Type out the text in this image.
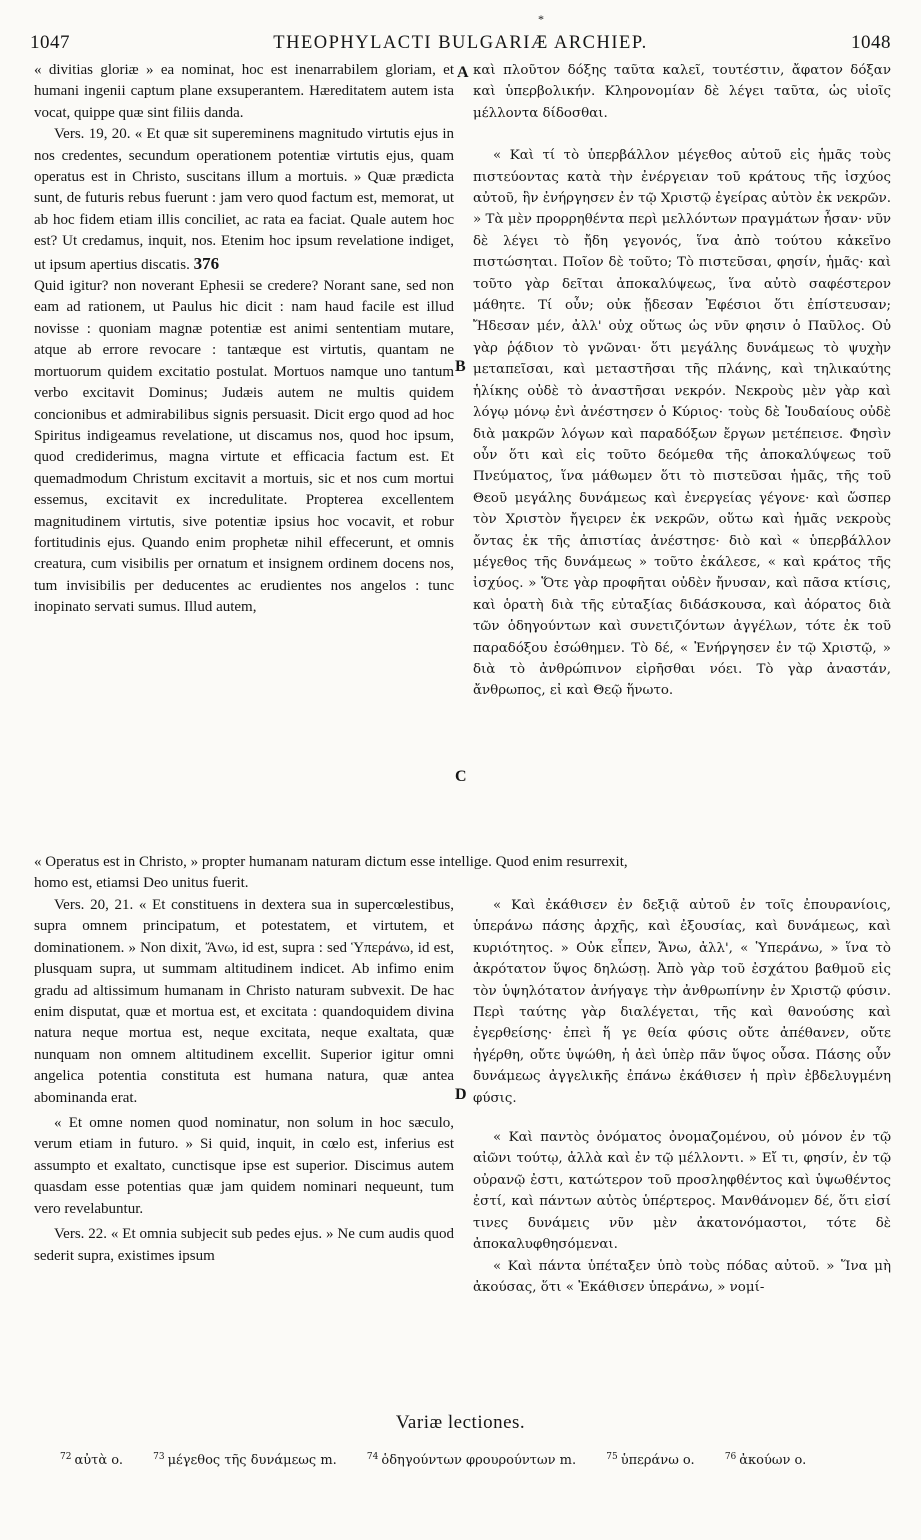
*
1047	THEOPHYLACTI BULGARIÆ ARCHIEP.	1048
A
B
C
D

« divitias gloriæ » ea nominat, hoc est inenarrabilem gloriam, et humani ingenii captum plane exsuperantem. Hæreditatem autem ista vocat, quippe quæ sint filiis danda.

Vers. 19, 20. « Et quæ sit supereminens magnitudo virtutis ejus in nos credentes, secundum operationem potentiæ virtutis ejus, quam operatus est in Christo, suscitans illum a mortuis. » Quæ prædicta sunt, de futuris rebus fuerunt : jam vero quod factum est, memorat, ut ab hoc fidem etiam illis conciliet, ac rata ea faciat. Quale autem hoc est? Ut credamus, inquit, nos. Etenim hoc ipsum revelatione indiget, ut ipsum apertius discatis. 376

Quid igitur? non noverant Ephesii se credere? Norant sane, sed non eam ad rationem, ut Paulus hic dicit : nam haud facile est illud novisse : quoniam magnæ potentiæ est animi sententiam mutare, atque ab errore revocare : tantæque est virtutis, quantam ne mortuorum quidem excitatio postulat. Mortuos namque uno tantum verbo excitavit Dominus; Judæis autem ne multis quidem concionibus et admirabilibus signis persuasit. Dicit ergo quod ad hoc Spiritus indigeamus revelatione, ut discamus nos, quod hoc ipsum, quod crediderimus, magna virtute et efficacia factum est. Et quemadmodum Christum excitavit a mortuis, sic et nos cum mortui essemus, excitavit ex incredulitate. Propterea excellentem magnitudinem virtutis, sive potentiæ ipsius hoc vocavit, et robur fortitudinis ejus. Quando enim prophetæ nihil effecerunt, et omnis creatura, cum visibilis per ornatum et insignem ordinem docens nos, tum invisibilis per deducentes ac erudientes nos angelos : tunc inopinato servati sumus. Illud autem,

καὶ πλοῦτον δόξης ταῦτα καλεῖ, τουτέστιν, ἄφατον δόξαν καὶ ὑπερβολικήν. Κληρονομίαν δὲ λέγει ταῦτα, ὡς υἱοῖς μέλλοντα δίδοσθαι.

« Καὶ τί τὸ ὑπερβάλλον μέγεθος αὐτοῦ εἰς ἡμᾶς τοὺς πιστεύοντας κατὰ τὴν ἐνέργειαν τοῦ κράτους τῆς ἰσχύος αὐτοῦ, ἣν ἐνήργησεν ἐν τῷ Χριστῷ ἐγείρας αὐτὸν ἐκ νεκρῶν. » Τὰ μὲν προρρηθέντα περὶ μελλόντων πραγμάτων ἦσαν· νῦν δὲ λέγει τὸ ἤδη γεγονός, ἵνα ἀπὸ τούτου κἀκεῖνο πιστώσηται. Ποῖον δὲ τοῦτο; Τὸ πιστεῦσαι, φησίν, ἡμᾶς· καὶ τοῦτο γὰρ δεῖται ἀποκαλύψεως, ἵνα αὐτὸ σαφέστερον μάθητε. Τί οὖν; οὐκ ᾔδεσαν Ἐφέσιοι ὅτι ἐπίστευσαν; Ἤδεσαν μέν, ἀλλ' οὐχ οὕτως ὡς νῦν φησιν ὁ Παῦλος. Οὐ γὰρ ῥᾴδιον τὸ γνῶναι· ὅτι μεγάλης δυνάμεως τὸ ψυχὴν μεταπεῖσαι, καὶ μεταστῆσαι τῆς πλάνης, καὶ τηλικαύτης ἡλίκης οὐδὲ τὸ ἀναστῆσαι νεκρόν. Νεκροὺς μὲν γὰρ καὶ λόγῳ μόνῳ ἐνὶ ἀνέστησεν ὁ Κύριος· τοὺς δὲ Ἰουδαίους οὐδὲ διὰ μακρῶν λόγων καὶ παραδόξων ἔργων μετέπεισε. Φησὶν οὖν ὅτι καὶ εἰς τοῦτο δεόμεθα τῆς ἀποκαλύψεως τοῦ Πνεύματος, ἵνα μάθωμεν ὅτι τὸ πιστεῦσαι ἡμᾶς, τῆς τοῦ Θεοῦ μεγάλης δυνάμεως καὶ ἐνεργείας γέγονε· καὶ ὥσπερ τὸν Χριστὸν ἤγειρεν ἐκ νεκρῶν, οὕτω καὶ ἡμᾶς νεκροὺς ὄντας ἐκ τῆς ἀπιστίας ἀνέστησε· διὸ καὶ « ὑπερβάλλον μέγεθος τῆς δυνάμεως » τοῦτο ἐκάλεσε, « καὶ κράτος τῆς ἰσχύος. » Ὅτε γὰρ προφῆται οὐδὲν ἤνυσαν, καὶ πᾶσα κτίσις, καὶ ὁρατὴ διὰ τῆς εὐταξίας διδάσκουσα, καὶ ἀόρατος διὰ τῶν ὁδηγούντων καὶ συνετιζόντων ἀγγέλων, τότε ἐκ τοῦ παραδόξου ἐσώθημεν. Τὸ δέ, « Ἐνήργησεν ἐν τῷ Χριστῷ, » διὰ τὸ ἀνθρώπινον εἰρῆσθαι νόει. Τὸ γὰρ ἀναστάν, ἄνθρωπος, εἰ καὶ Θεῷ ἥνωτο.

« Operatus est in Christo, » propter humanam naturam dictum esse intellige. Quod enim resurrexit,
homo est, etiamsi Deo unitus fuerit.

Vers. 20, 21. « Et constituens in dextera sua in supercœlestibus, supra omnem principatum, et potestatem, et virtutem, et dominationem. » Non dixit, Ἄνω, id est, supra : sed Ὑπεράνω, id est, plusquam supra, ut summam altitudinem indicet. Ab infimo enim gradu ad altissimum humanam in Christo naturam subvexit. De hac enim disputat, quæ et mortua est, et excitata : quandoquidem divina natura neque mortua est, neque excitata, neque exaltata, quæ nunquam non omnem altitudinem excellit. Superior igitur omni angelica potentia constituta est humana natura, quæ antea abominanda erat.

« Et omne nomen quod nominatur, non solum in hoc sæculo, verum etiam in futuro. » Si quid, inquit, in cœlo est, inferius est assumpto et exaltato, cunctisque ipse est superior. Discimus autem quasdam esse potentias quæ jam quidem nominari nequeunt, tum vero revelabuntur.

Vers. 22. « Et omnia subjecit sub pedes ejus. » Ne cum audis quod sederit supra, existimes ipsum

« Καὶ ἐκάθισεν ἐν δεξιᾷ αὐτοῦ ἐν τοῖς ἐπουρανίοις, ὑπεράνω πάσης ἀρχῆς, καὶ ἐξουσίας, καὶ δυνάμεως, καὶ κυριότητος. » Οὐκ εἶπεν, Ἄνω, ἀλλ', « Ὑπεράνω, » ἵνα τὸ ἀκρότατον ὕψος δηλώσῃ. Ἀπὸ γὰρ τοῦ ἐσχάτου βαθμοῦ εἰς τὸν ὑψηλότατον ἀνήγαγε τὴν ἀνθρωπίνην ἐν Χριστῷ φύσιν. Περὶ ταύτης γὰρ διαλέγεται, τῆς καὶ θανούσης καὶ ἐγερθείσης· ἐπεὶ ἥ γε θεία φύσις οὔτε ἀπέθανεν, οὔτε ἠγέρθη, οὔτε ὑψώθη, ἡ ἀεὶ ὑπὲρ πᾶν ὕψος οὖσα. Πάσης οὖν δυνάμεως ἀγγελικῆς ἐπάνω ἐκάθισεν ἡ πρὶν ἐβδελυγμένη φύσις.

« Καὶ παντὸς ὀνόματος ὀνομαζομένου, οὐ μόνον ἐν τῷ αἰῶνι τούτῳ, ἀλλὰ καὶ ἐν τῷ μέλλοντι. » Εἴ τι, φησίν, ἐν τῷ οὐρανῷ ἐστι, κατώτερον τοῦ προσληφθέντος καὶ ὑψωθέντος ἐστί, καὶ πάντων αὐτὸς ὑπέρτερος. Μανθάνομεν δέ, ὅτι εἰσί τινες δυνάμεις νῦν μὲν ἀκατονόμαστοι, τότε δὲ ἀποκαλυφθησόμεναι.

« Καὶ πάντα ὑπέταξεν ὑπὸ τοὺς πόδας αὐτοῦ. » Ἵνα μὴ ἀκούσας, ὅτι « Ἐκάθισεν ὑπεράνω, » νομί-

Variæ lectiones.
$^{72}$ αὐτὰ o.	$^{73}$ μέγεθος τῆς δυνάμεως m.	$^{74}$ ὁδηγούντων φρουρούντων m.	$^{75}$ ὑπεράνω o.	$^{76}$ ἀκούων o.
